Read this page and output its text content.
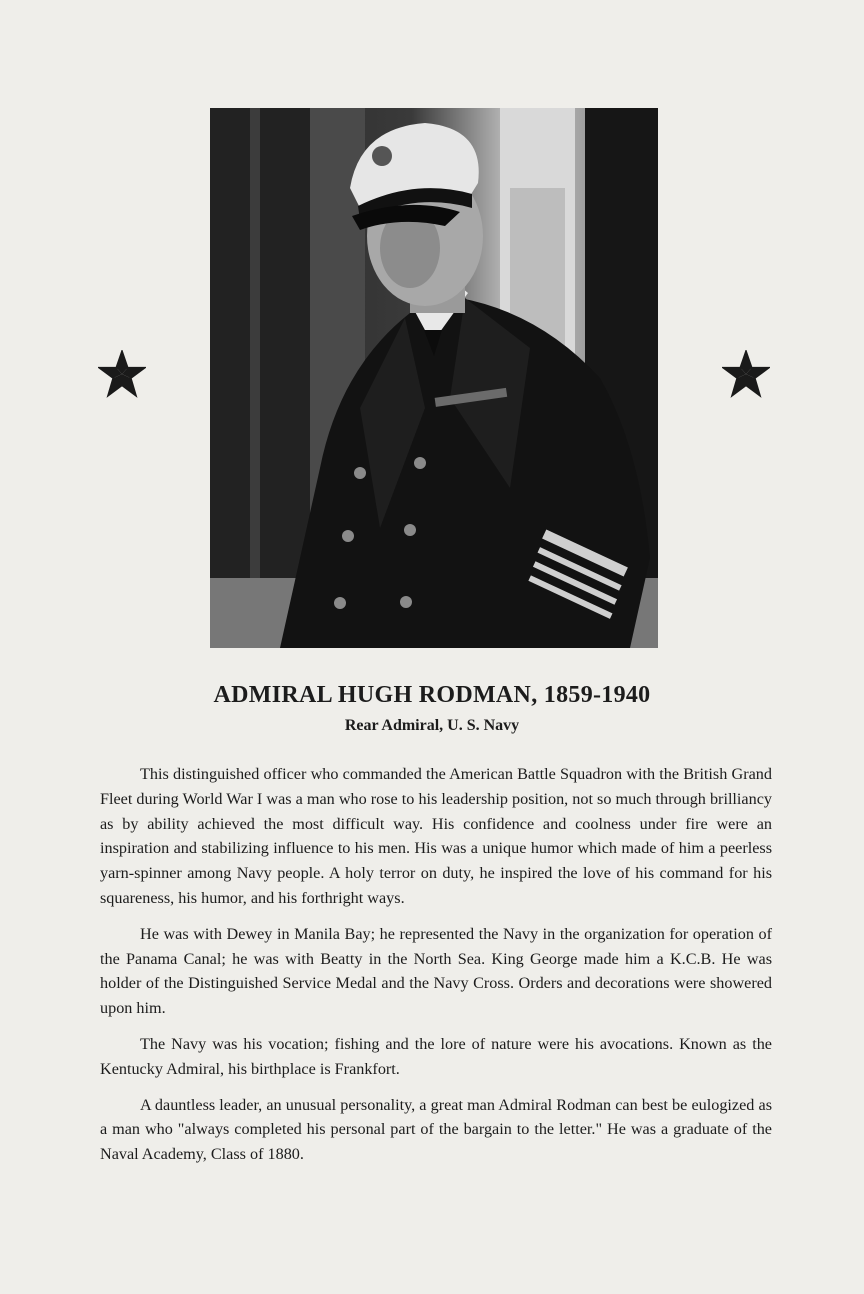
ADMIRAL HUGH RODMAN, 1859-1940
Rear Admiral, U. S. Navy

This distinguished officer who commanded the American Battle Squadron with the British Grand Fleet during World War I was a man who rose to his leadership position, not so much through brilliancy as by ability achieved the most difficult way. His confidence and coolness under fire were an inspiration and stabilizing influence to his men. His was a unique humor which made of him a peerless yarn-spinner among Navy people. A holy terror on duty, he inspired the love of his command for his squareness, his humor, and his forthright ways.

He was with Dewey in Manila Bay; he represented the Navy in the organization for operation of the Panama Canal; he was with Beatty in the North Sea. King George made him a K.C.B. He was holder of the Distinguished Service Medal and the Navy Cross. Orders and decorations were showered upon him.

The Navy was his vocation; fishing and the lore of nature were his avocations. Known as the Kentucky Admiral, his birthplace is Frankfort.

A dauntless leader, an unusual personality, a great man Admiral Rodman can best be eulogized as a man who "always completed his personal part of the bargain to the letter." He was a graduate of the Naval Academy, Class of 1880.
